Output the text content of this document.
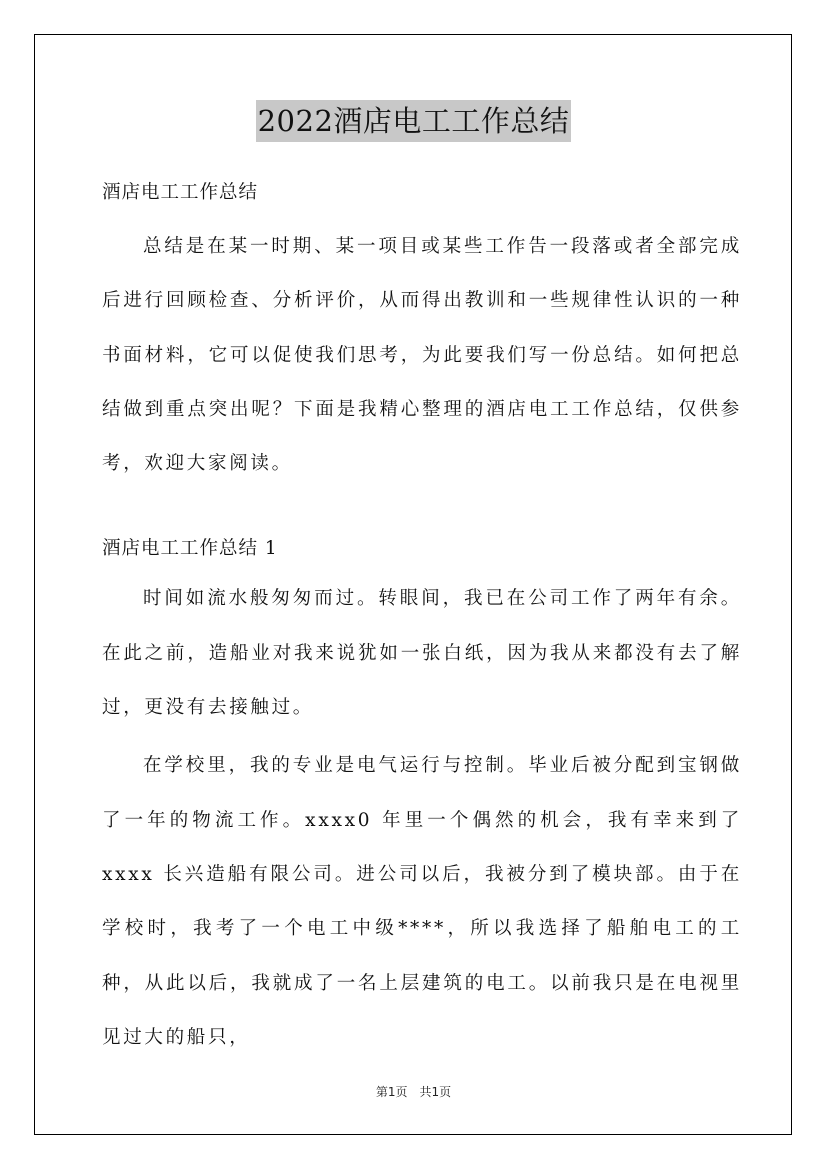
2022酒店电工工作总结
酒店电工工作总结

总结是在某一时期、某一项目或某些工作告一段落或者全部完成后进行回顾检查、分析评价，从而得出教训和一些规律性认识的一种书面材料，它可以促使我们思考，为此要我们写一份总结。如何把总结做到重点突出呢？下面是我精心整理的酒店电工工作总结，仅供参考，欢迎大家阅读。

酒店电工工作总结 1

时间如流水般匆匆而过。转眼间，我已在公司工作了两年有余。在此之前，造船业对我来说犹如一张白纸，因为我从来都没有去了解过，更没有去接触过。

在学校里，我的专业是电气运行与控制。毕业后被分配到宝钢做了一年的物流工作。xxxx0 年里一个偶然的机会，我有幸来到了 xxxx 长兴造船有限公司。进公司以后，我被分到了模块部。由于在学校时，我考了一个电工中级****，所以我选择了船舶电工的工种，从此以后，我就成了一名上层建筑的电工。以前我只是在电视里见过大的船只，

第1页　共1页
